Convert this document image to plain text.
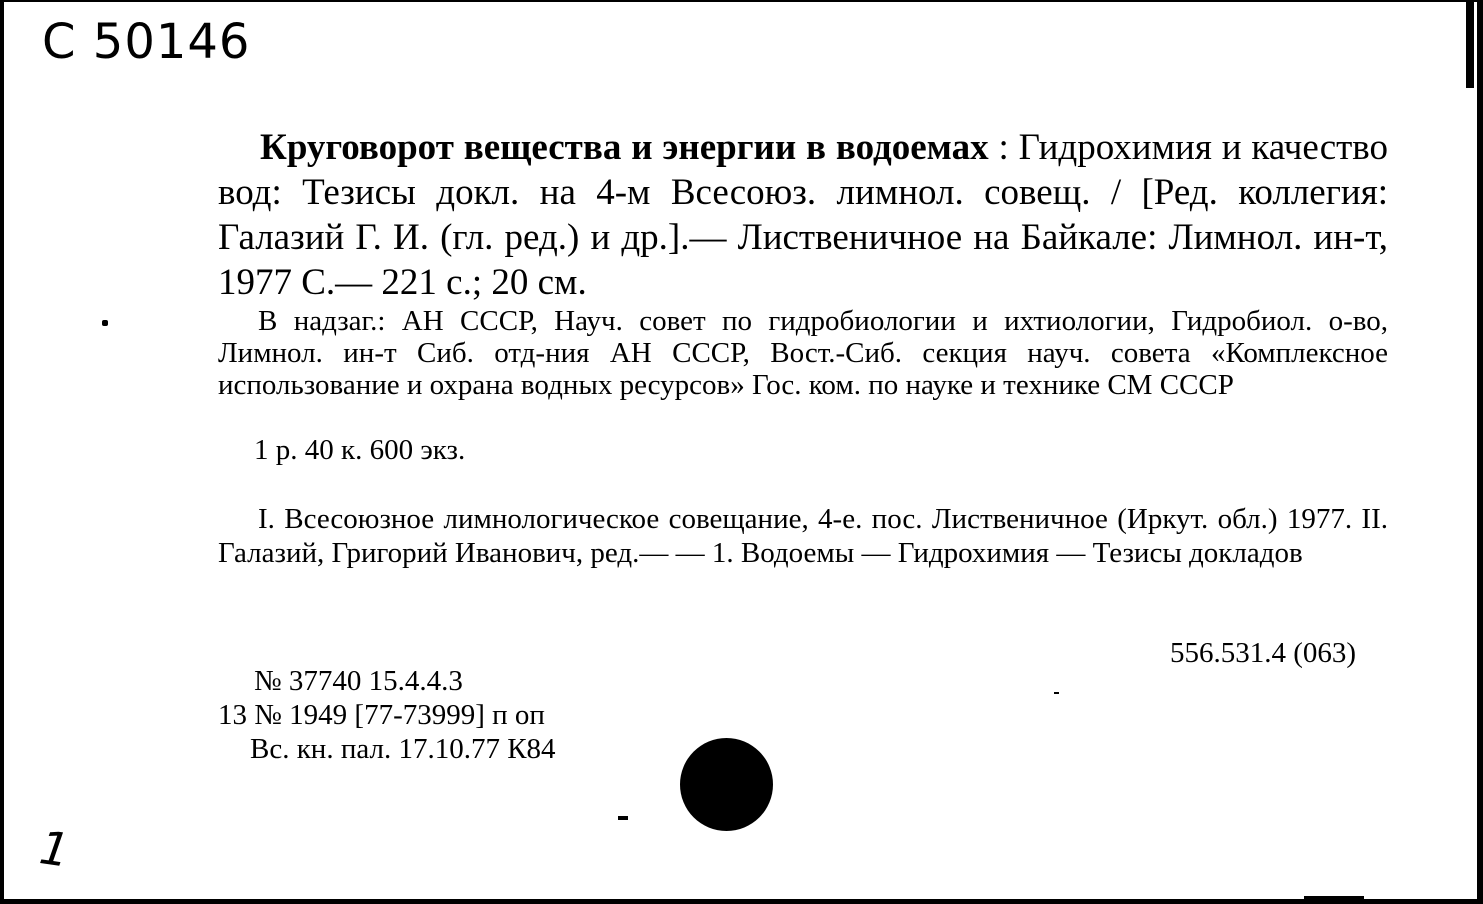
С 50146
Круговорот вещества и энергии в водоемах : Гидрохимия и качество вод: Тезисы докл. на 4-м Всесоюз. лимнол. совещ. / [Ред. коллегия: Галазий Г. И. (гл. ред.) и др.].— Лиственичное на Байкале: Лимнол. ин-т, 1977 С.— 221 с.; 20 см.
В надзаг.: АН СССР, Науч. совет по гидробиологии и ихтиологии, Гидробиол. о-во, Лимнол. ин-т Сиб. отд-ния АН СССР, Вост.-Сиб. секция науч. совета «Комплексное использование и охрана водных ресурсов» Гос. ком. по науке и технике СМ СССР
1 р. 40 к. 600 экз.
I. Всесоюзное лимнологическое совещание, 4-е. пос. Лиственичное (Иркут. обл.) 1977. II. Галазий, Григорий Иванович, ред.— — 1. Водоемы — Гидрохимия — Тезисы докладов
556.531.4 (063)
№ 37740 15.4.4.3
13 № 1949 [77-73999] п оп
Вс. кн. пал. 17.10.77 К84
1
